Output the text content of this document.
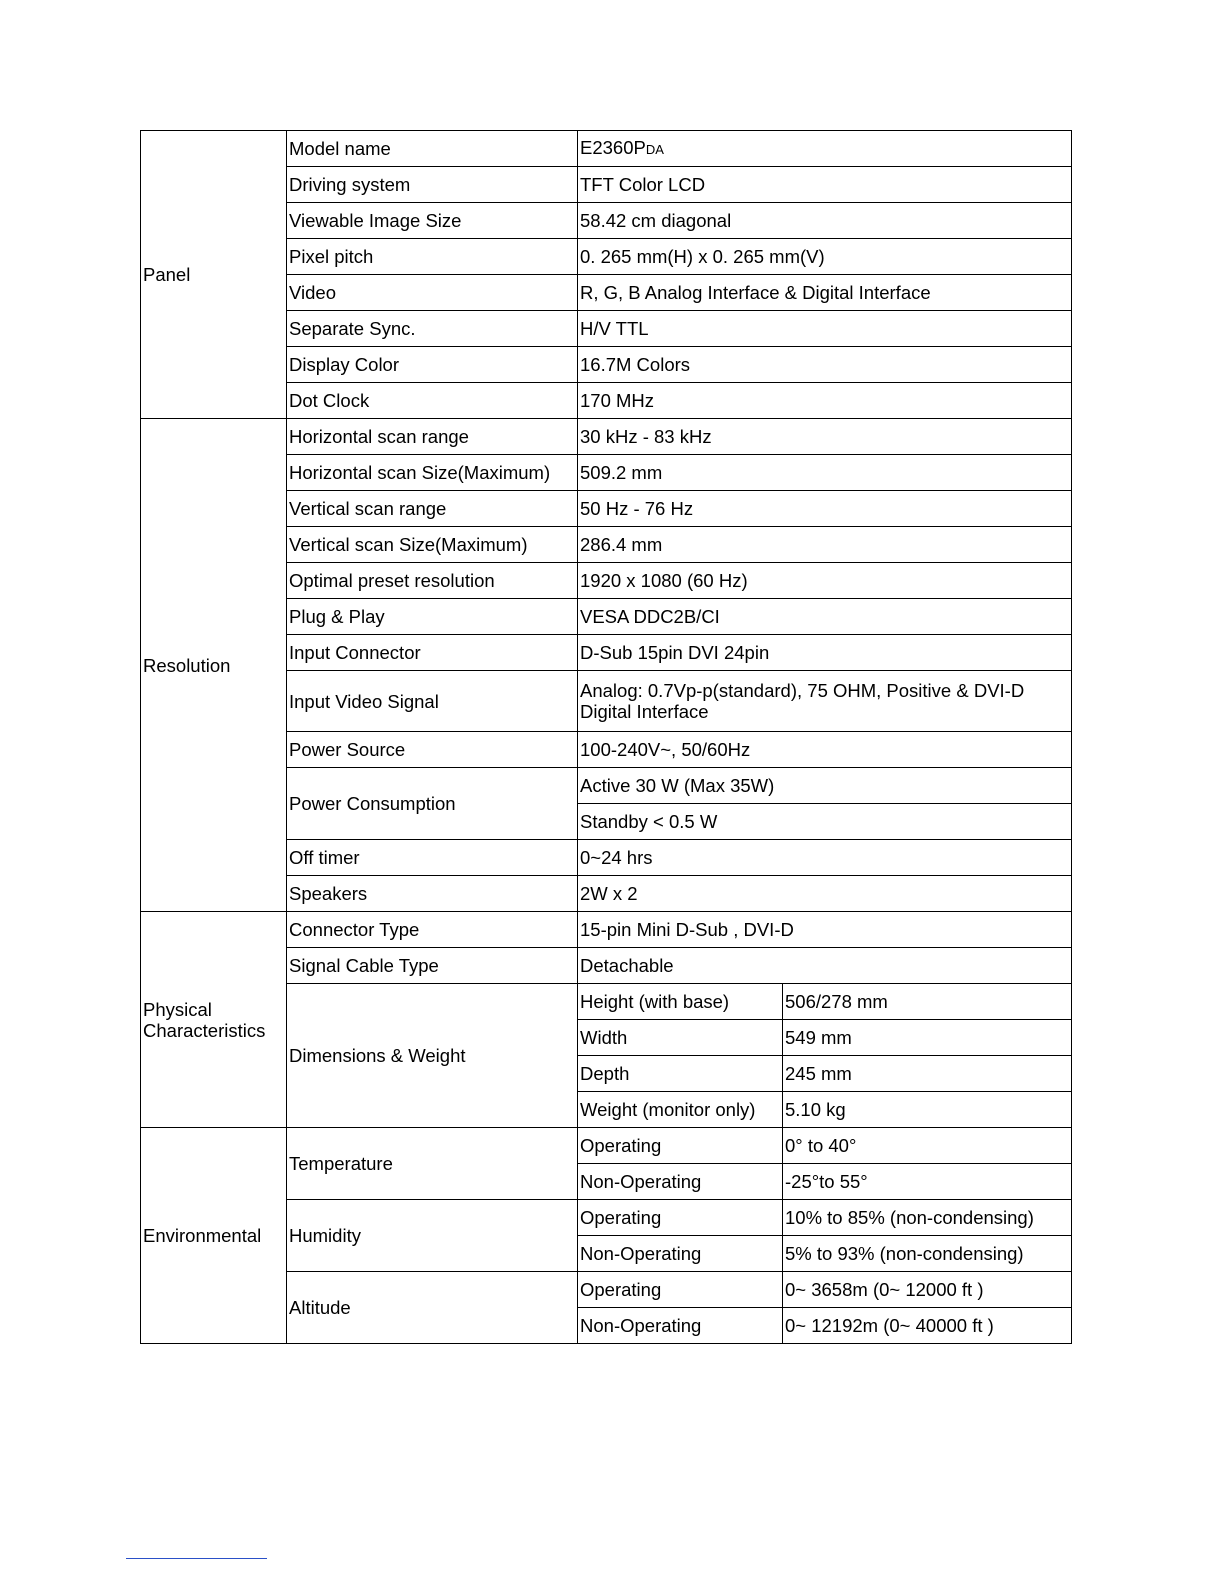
Panel	Model name	E2360PDA	
	Driving system	TFT Color LCD	
	Viewable Image Size	58.42 cm diagonal	
	Pixel pitch	0. 265 mm(H) x 0. 265 mm(V)	
	Video	R, G, B Analog Interface & Digital Interface	
	Separate Sync.	H/V TTL	
	Display Color	16.7M Colors	
	Dot Clock	170 MHz	
Resolution	Horizontal scan range	30 kHz - 83 kHz	
	Horizontal scan Size(Maximum)	509.2 mm	
	Vertical scan range	50 Hz - 76 Hz	
	Vertical scan Size(Maximum)	286.4 mm	
	Optimal preset resolution	1920 x 1080 (60 Hz)	
	Plug & Play	VESA DDC2B/CI	
	Input Connector	D-Sub 15pin DVI 24pin	
	Input Video Signal	Analog: 0.7Vp-p(standard), 75 OHM, Positive & DVI-D Digital Interface	
	Power Source	100-240V~, 50/60Hz	
	Power Consumption	Active 30 W (Max 35W)	
		Standby < 0.5 W	
	Off timer	0~24 hrs	
	Speakers	2W x 2	
Physical Characteristics	Connector Type	15-pin Mini D-Sub , DVI-D	
	Signal Cable Type	Detachable	
	Dimensions & Weight	Height (with base)	506/278 mm
		Width	549 mm
		Depth	245 mm
		Weight (monitor only)	5.10 kg
Environmental	Temperature	Operating	0° to 40°
		Non-Operating	-25°to 55°
	Humidity	Operating	10% to 85% (non-condensing)
		Non-Operating	5% to 93% (non-condensing)
	Altitude	Operating	0~ 3658m (0~ 12000 ft )
		Non-Operating	0~ 12192m (0~ 40000 ft )
